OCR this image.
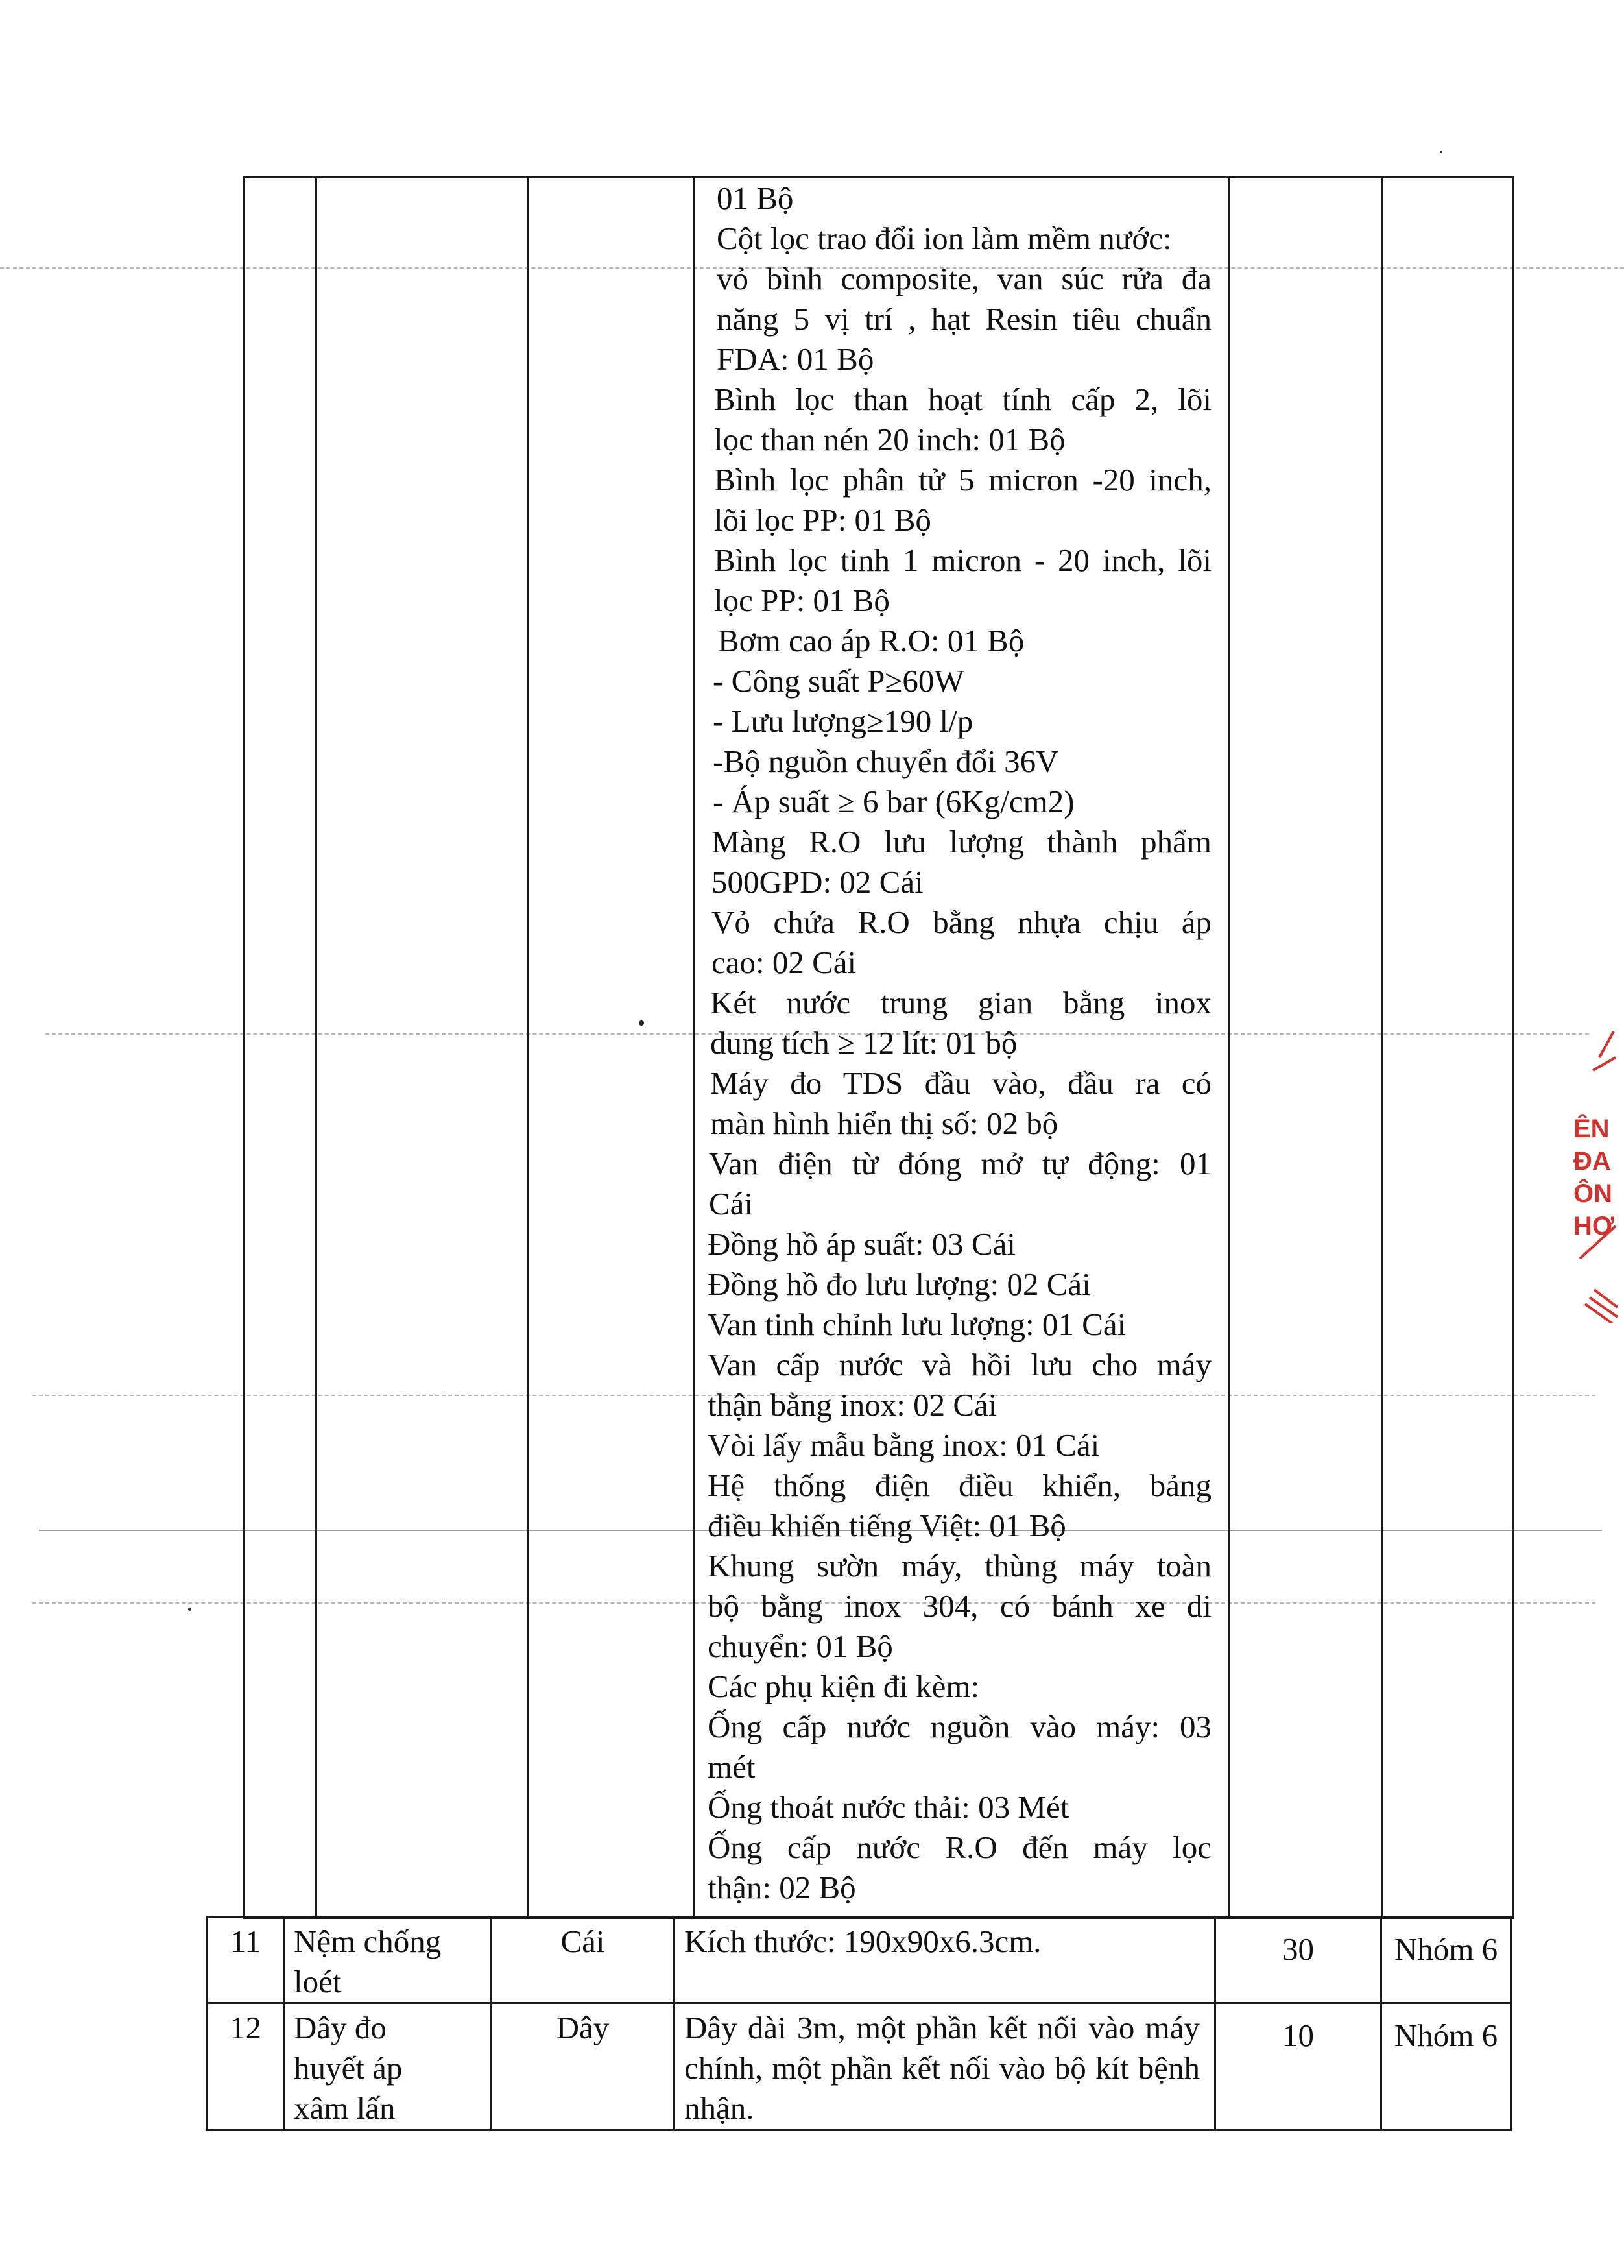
01 Bộ
Cột lọc trao đổi ion làm mềm nước:
vỏ bình composite, van súc rửa đa
năng 5 vị trí , hạt Resin tiêu chuẩn
FDA: 01 Bộ
Bình lọc than hoạt tính cấp 2, lõi
lọc than nén 20 inch: 01 Bộ
Bình lọc phân tử 5 micron -20 inch,
lõi lọc PP: 01 Bộ
Bình lọc tinh 1 micron - 20 inch, lõi
lọc PP: 01 Bộ
Bơm cao áp R.O: 01 Bộ
- Công suất P≥60W
- Lưu lượng≥190 l/p
-Bộ nguồn chuyển đổi 36V
- Áp suất ≥ 6 bar (6Kg/cm2)
Màng R.O lưu lượng thành phẩm
500GPD: 02 Cái
Vỏ chứa R.O bằng nhựa chịu áp
cao: 02 Cái
Két nước trung gian bằng inox
dung tích ≥ 12 lít: 01 bộ
Máy đo TDS đầu vào, đầu ra có
màn hình hiển thị số: 02 bộ
Van điện từ đóng mở tự động: 01
Cái
Đồng hồ áp suất: 03 Cái
Đồng hồ đo lưu lượng: 02 Cái
Van tinh chỉnh lưu lượng: 01 Cái
Van cấp nước và hồi lưu cho máy
thận bằng inox: 02 Cái
Vòi lấy mẫu bằng inox: 01 Cái
Hệ thống điện điều khiển, bảng
điều khiển tiếng Việt: 01 Bộ
Khung sườn máy, thùng máy toàn
bộ bằng inox 304, có bánh xe di
chuyển: 01 Bộ
Các phụ kiện đi kèm:
Ống cấp nước nguồn vào máy: 03
mét
Ống thoát nước thải: 03 Mét
Ống cấp nước R.O đến máy lọc
thận: 02 Bộ

11	Nệm chống loét	Cái	Kích thước: 190x90x6.3cm.	30	Nhóm 6
12	Dây đo huyết áp xâm lấn	Dây	Dây dài 3m, một phần kết nối vào máy chính, một phần kết nối vào bộ kít bệnh nhận.	10	Nhóm 6
ÊN
ĐA
ÔN
HƠ
